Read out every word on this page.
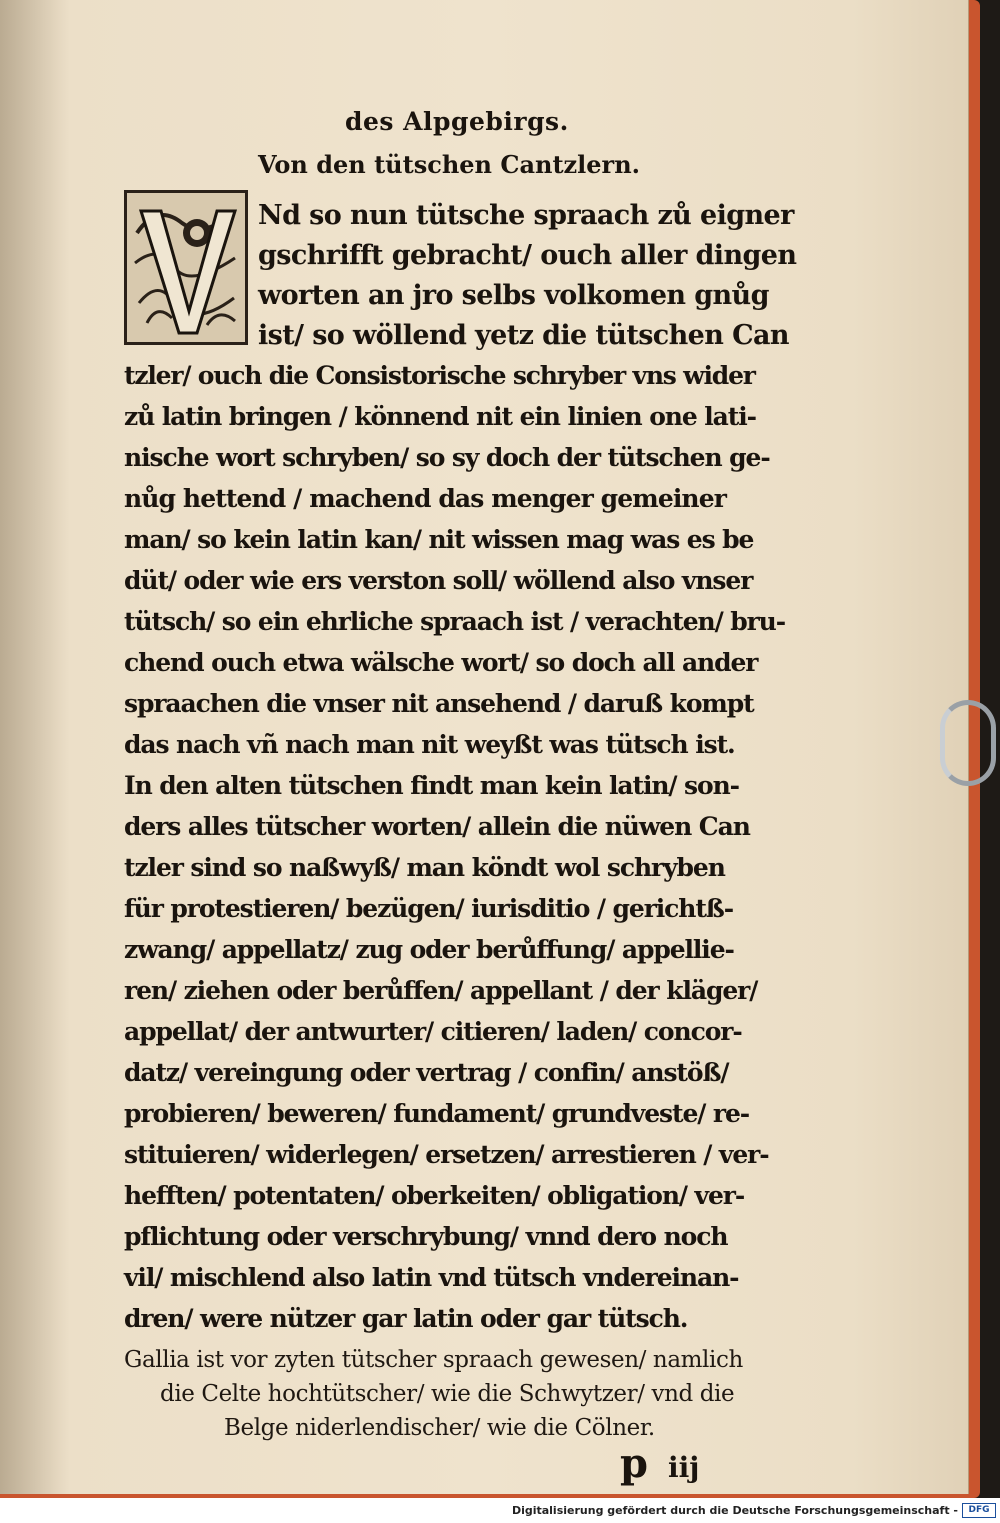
des Alpgebirgs.
Von den tütschen Cantzlern.
Nd so nun tütsche spraach zů eigner
gschrifft gebracht/ ouch aller dingen
worten an jro selbs volkomen gnůg
ist/ so wöllend yetz die tütschen Can
tzler/ ouch die Consistorische schryber vns wider
zů latin bringen / könnend nit ein linien one lati-
nische wort schryben/ so sy doch der tütschen ge-
nůg hettend / machend das menger gemeiner
man/ so kein latin kan/ nit wissen mag was es be
düt/ oder wie ers verston soll/ wöllend also vnser
tütsch/ so ein ehrliche spraach ist / verachten/ bru-
chend ouch etwa wälsche wort/ so doch all ander
spraachen die vnser nit ansehend / daruß kompt
das nach vñ nach man nit weyßt was tütsch ist.
In den alten tütschen findt man kein latin/ son-
ders alles tütscher worten/ allein die nüwen Can
tzler sind so naßwyß/ man köndt wol schryben
für protestieren/ bezügen/ iurisditio / gerichtß-
zwang/ appellatz/ zug oder berůffung/ appellie-
ren/ ziehen oder berůffen/ appellant / der kläger/
appellat/ der antwurter/ citieren/ laden/ concor-
datz/ vereingung oder vertrag / confin/ anstöß/
probieren/ beweren/ fundament/ grundveste/ re-
stituieren/ widerlegen/ ersetzen/ arrestieren / ver-
hefften/ potentaten/ oberkeiten/ obligation/ ver-
pflichtung oder verschrybung/ vnnd dero noch
vil/ mischlend also latin vnd tütsch vndereinan-
dren/ were nützer gar latin oder gar tütsch.
Gallia ist vor zyten tütscher spraach gewesen/ namlich
die Celte hochtütscher/ wie die Schwytzer/ vnd die
Belge niderlendischer/ wie die Cölner.
p iij
Digitalisierung gefördert durch die Deutsche Forschungsgemeinschaft -	DFG
